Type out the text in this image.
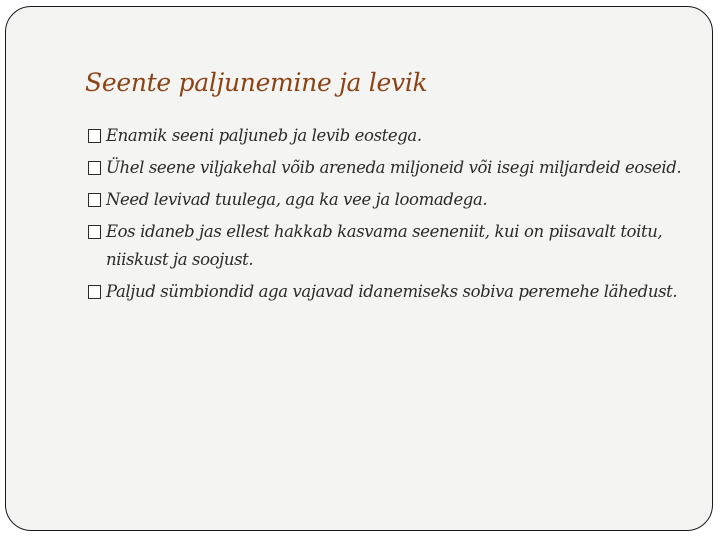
Seente paljunemine ja levik
Enamik seeni paljuneb ja levib eostega.
Ühel seene viljakehal võib areneda miljoneid või isegi miljardeid eoseid.
Need levivad tuulega, aga ka vee ja loomadega.
Eos idaneb jas ellest hakkab kasvama seeneniit, kui on piisavalt toitu, niiskust ja soojust.
Paljud sümbiondid aga vajavad idanemiseks sobiva peremehe lähedust.
